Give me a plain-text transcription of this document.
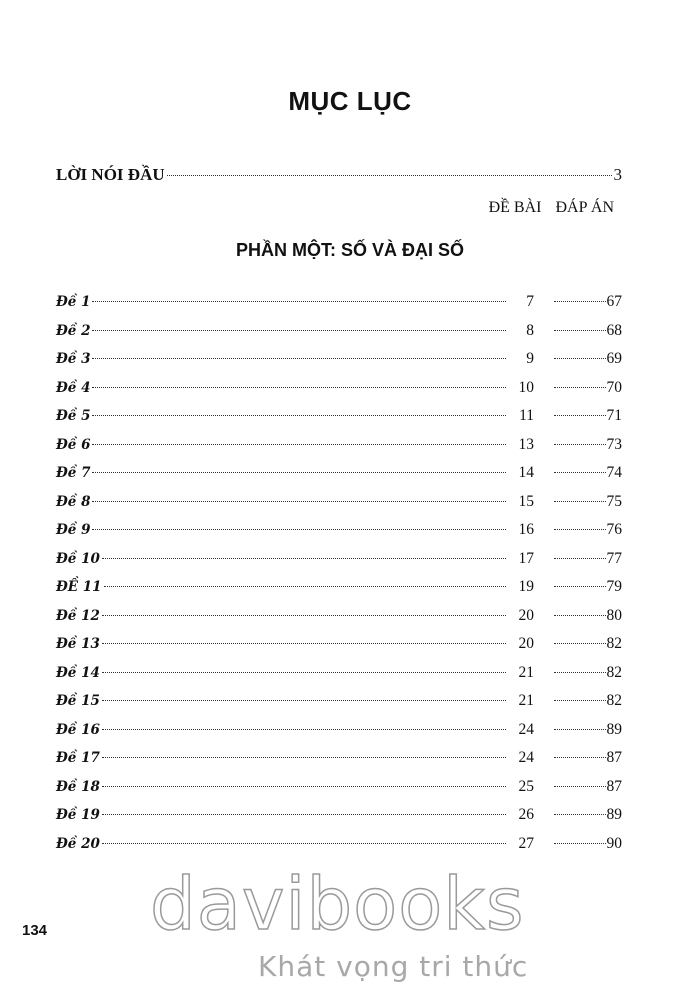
MỤC LỤC
LỜI NÓI ĐẦU	3
ĐỀ BÀI ĐÁP ÁN
PHẦN MỘT: SỐ VÀ ĐẠI SỐ
Đề 1	7	67
Đề 2	8	68
Đề 3	9	69
Đề 4	10	70
Đề 5	11	71
Đề 6	13	73
Đề 7	14	74
Đề 8	15	75
Đề 9	16	76
Đề 10	17	77
ĐỀ 11	19	79
Đề 12	20	80
Đề 13	20	82
Đề 14	21	82
Đề 15	21	82
Đề 16	24	89
Đề 17	24	87
Đề 18	25	87
Đề 19	26	89
Đề 20	27	90
134 davibooks
Khát vọng tri thức
